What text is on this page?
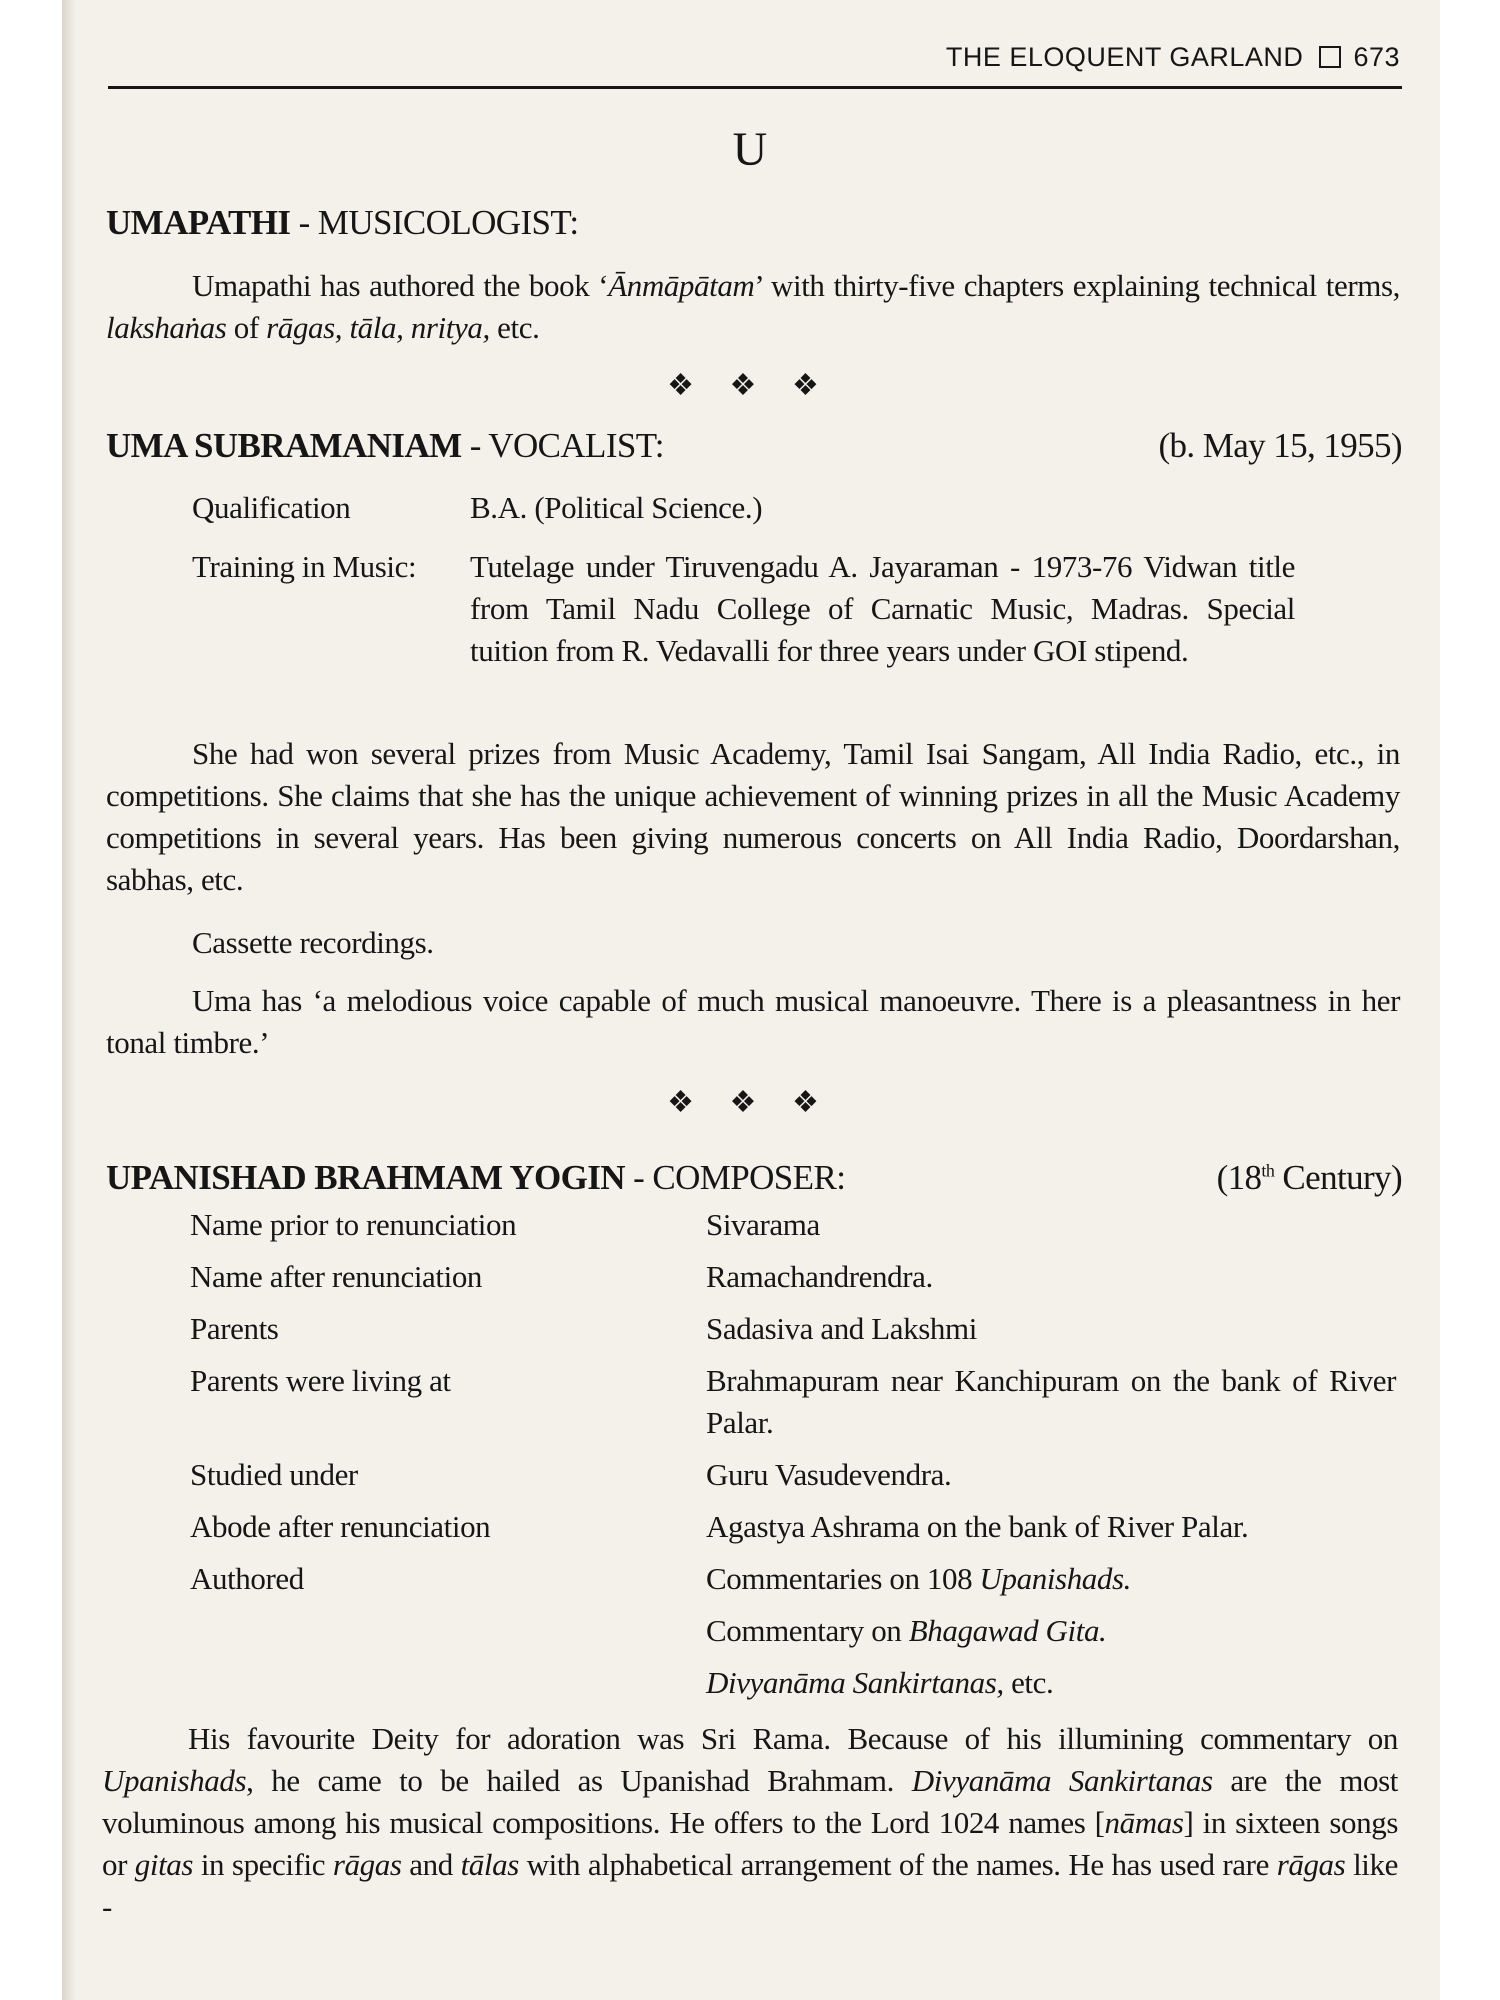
THE ELOQUENT GARLAND 673
U
UMAPATHI - MUSICOLOGIST:
Umapathi has authored the book ‘Ānmāpātam’ with thirty-five chapters explaining technical terms, lakshaṅas of rāgas, tāla, nritya, etc.
❖ ❖ ❖
UMA SUBRAMANIAM - VOCALIST:	(b. May 15, 1955)
Qualification	B.A. (Political Science.)
Training in Music: Tutelage under Tiruvengadu A. Jayaraman - 1973-76 Vidwan title from Tamil Nadu College of Carnatic Music, Madras. Special tuition from R. Vedavalli for three years under GOI stipend.
She had won several prizes from Music Academy, Tamil Isai Sangam, All India Radio, etc., in competitions. She claims that she has the unique achievement of winning prizes in all the Music Academy competitions in several years. Has been giving numerous concerts on All India Radio, Doordarshan, sabhas, etc.
Cassette recordings.
Uma has ‘a melodious voice capable of much musical manoeuvre. There is a pleasantness in her tonal timbre.’
❖ ❖ ❖
UPANISHAD BRAHMAM YOGIN - COMPOSER:	(18th Century)
Name prior to renunciation	Sivarama
Name after renunciation	Ramachandrendra.
Parents	Sadasiva and Lakshmi
Parents were living at	Brahmapuram near Kanchipuram on the bank of River Palar.
Studied under	Guru Vasudevendra.
Abode after renunciation	Agastya Ashrama on the bank of River Palar.
Authored	Commentaries on 108 Upanishads.
Commentary on Bhagawad Gita.
Divyanāma Sankirtanas, etc.
His favourite Deity for adoration was Sri Rama. Because of his illumining commentary on Upanishads, he came to be hailed as Upanishad Brahmam. Divyanāma Sankirtanas are the most voluminous among his musical compositions. He offers to the Lord 1024 names [nāmas] in sixteen songs or gitas in specific rāgas and tālas with alphabetical arrangement of the names. He has used rare rāgas like -
